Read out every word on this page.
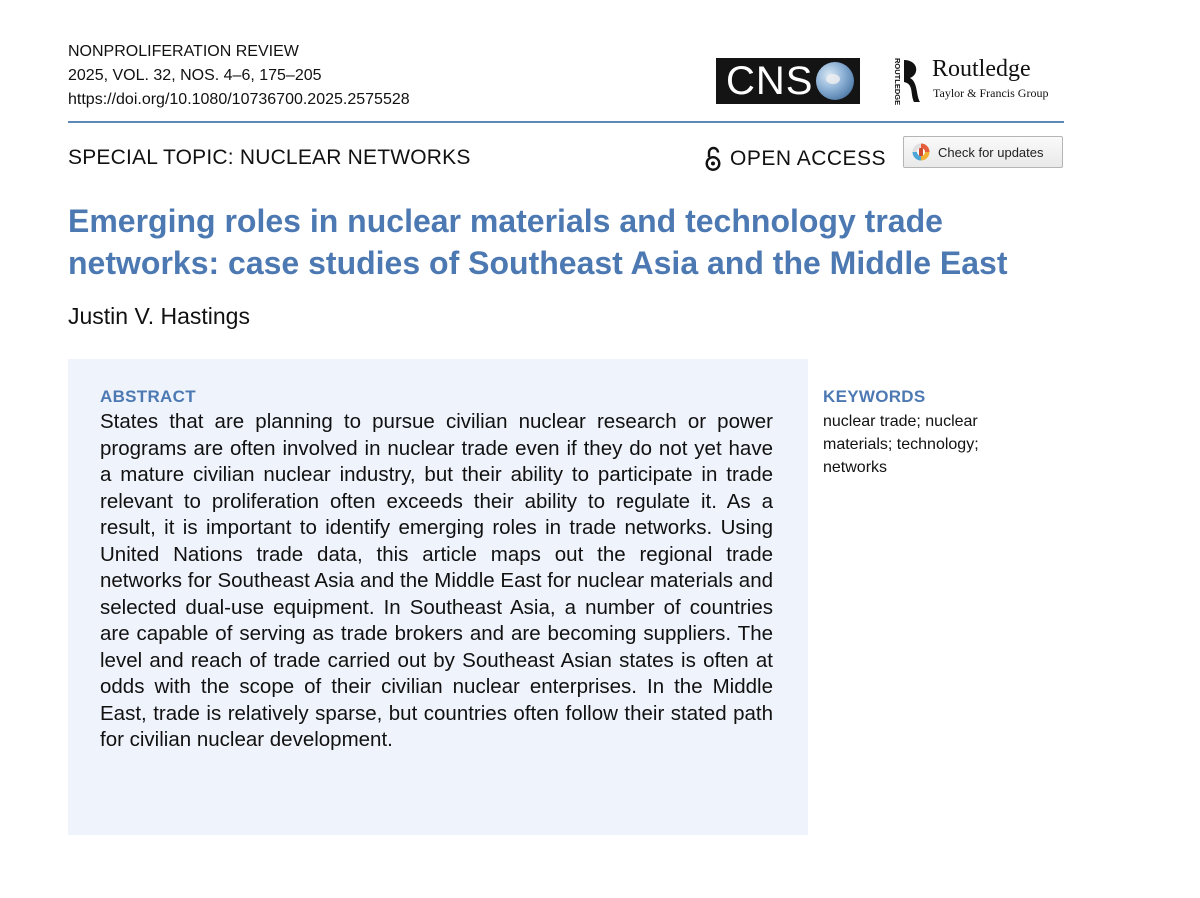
NONPROLIFERATION REVIEW
2025, VOL. 32, NOS. 4–6, 175–205
https://doi.org/10.1080/10736700.2025.2575528	CNS	ROUTLEDGE Routledge
Taylor & Francis Group
SPECIAL TOPIC: NUCLEAR NETWORKS	OPEN ACCESS	Check for updates
Emerging roles in nuclear materials and technology trade networks: case studies of Southeast Asia and the Middle East
Justin V. Hastings
ABSTRACT

States that are planning to pursue civilian nuclear research or power programs are often involved in nuclear trade even if they do not yet have a mature civilian nuclear industry, but their ability to participate in trade relevant to proliferation often exceeds their ability to regulate it. As a result, it is important to identify emerging roles in trade networks. Using United Nations trade data, this article maps out the regional trade networks for Southeast Asia and the Middle East for nuclear materials and selected dual-use equipment. In Southeast Asia, a number of countries are capable of serving as trade brokers and are becoming suppliers. The level and reach of trade carried out by Southeast Asian states is often at odds with the scope of their civilian nuclear enterprises. In the Middle East, trade is relatively sparse, but countries often follow their stated path for civilian nuclear development.

KEYWORDS

nuclear trade; nuclear materials; technology; networks
